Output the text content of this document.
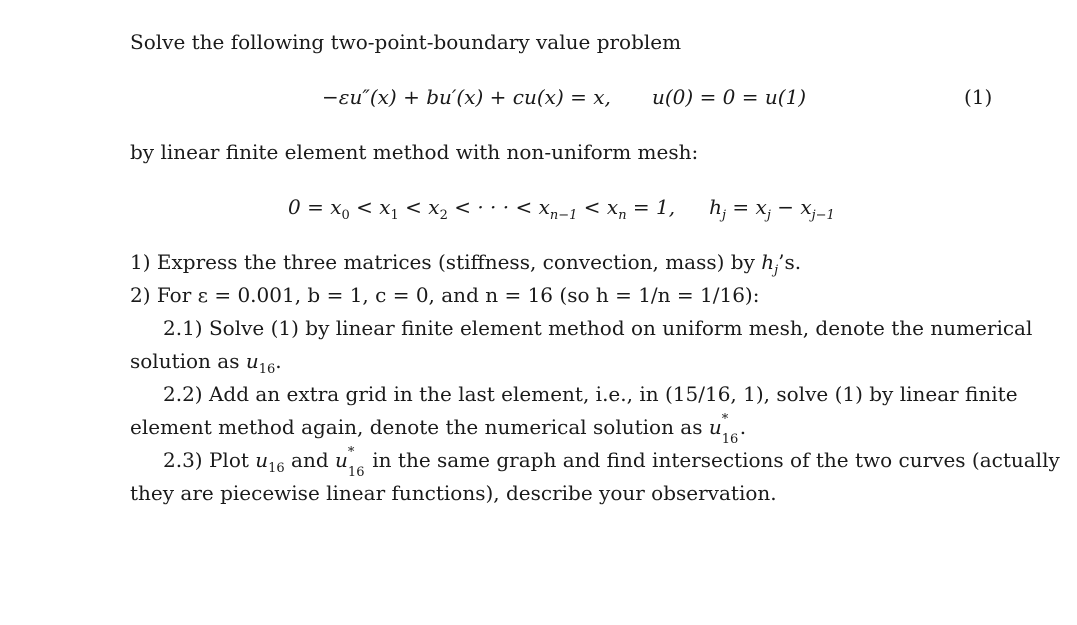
Solve the following two-point-boundary value problem
−εu″(x) + bu′(x) + cu(x) = x, u(0) = 0 = u(1)	(1)
by linear finite element method with non-uniform mesh:
$0 = x_0 < x_1 < x_2$ < · · · < $x_{n-1} < x_n = 1$, $h_j = x_j - x_{j-1}$
1) Express the three matrices (stiffness, convection, mass) by $h_j’s$.
2) For ε = 0.001, b = 1, c = 0, and n = 16 (so h = 1/n = 1/16):
2.1) Solve (1) by linear finite element method on uniform mesh, denote the numerical
solution as $u_{16}$.
2.2) Add an extra grid in the last element, i.e., in (15/16, 1), solve (1) by linear finite
element method again, denote the numerical solution as u *
16
.
2.3) Plot $u_{16}$ and u *
16
in the same graph and find intersections of the two curves (actually
they are piecewise linear functions), describe your observation.
